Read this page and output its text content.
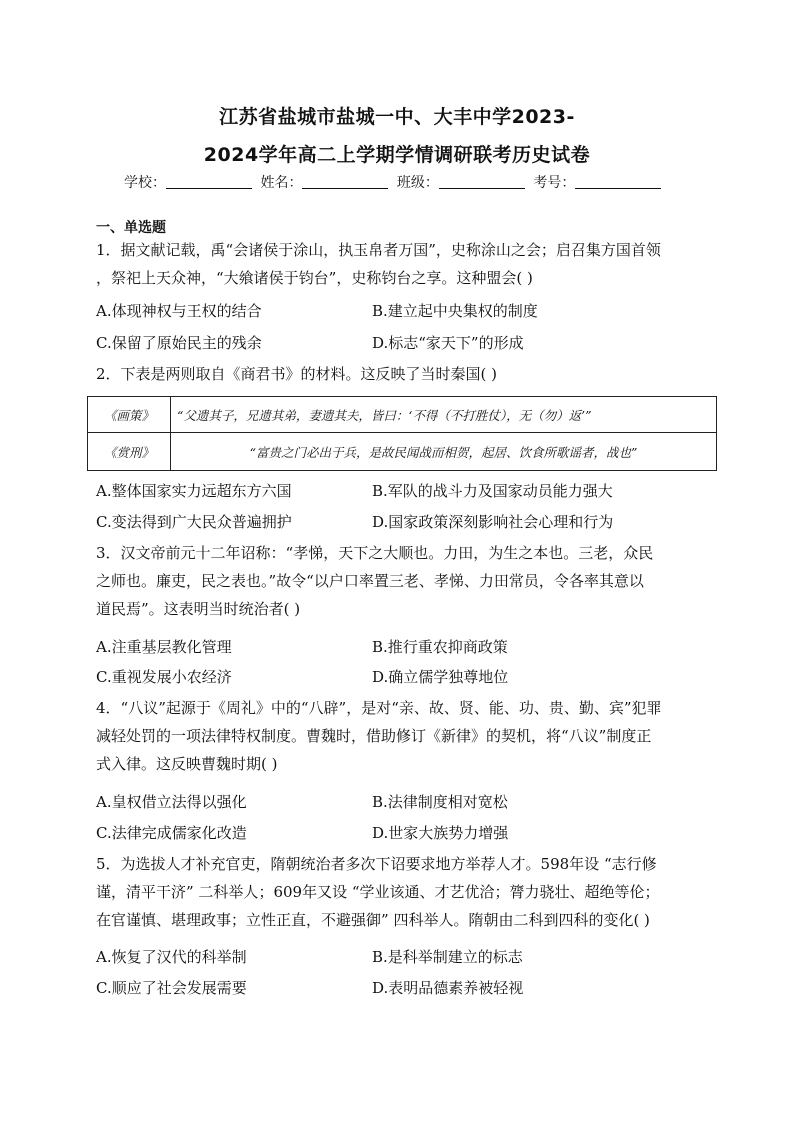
江苏省盐城市盐城一中、大丰中学2023-
2024学年高二上学期学情调研联考历史试卷
学校：	姓名：	班级：	考号：
一、单选题
1．据文献记载，禹“会诸侯于涂山，执玉帛者万国”，史称涂山之会；启召集方国首领
，祭祀上天众神，“大飨诸侯于钧台”，史称钧台之享。这种盟会( )
A.体现神权与王权的结合	B.建立起中央集权的制度
C.保留了原始民主的残余	D.标志“家天下”的形成
2．下表是两则取自《商君书》的材料。这反映了当时秦国( )
《画策》	“父遗其子，兄遗其弟，妻遗其夫，皆曰：‘不得（不打胜仗），无（勿）返’”
《赏刑》	“富贵之门必出于兵，是故民闻战而相贺，起居、饮食所歌谣者，战也”
A.整体国家实力远超东方六国	B.军队的战斗力及国家动员能力强大
C.变法得到广大民众普遍拥护	D.国家政策深刻影响社会心理和行为
3．汉文帝前元十二年诏称：“孝悌，天下之大顺也。力田，为生之本也。三老，众民
之师也。廉吏，民之表也。”故令“以户口率置三老、孝悌、力田常员，令各率其意以
道民焉”。这表明当时统治者( )
A.注重基层教化管理	B.推行重农抑商政策
C.重视发展小农经济	D.确立儒学独尊地位
4．“八议”起源于《周礼》中的“八辟”，是对“亲、故、贤、能、功、贵、勤、宾”犯罪
减轻处罚的一项法律特权制度。曹魏时，借助修订《新律》的契机，将“八议”制度正
式入律。这反映曹魏时期( )
A.皇权借立法得以强化	B.法律制度相对宽松
C.法律完成儒家化改造	D.世家大族势力增强
5．为选拔人才补充官吏，隋朝统治者多次下诏要求地方举荐人才。598年设 “志行修
谨，清平干济” 二科举人；609年又设 “学业该通、才艺优洽；膂力骁壮、超绝等伦；
在官谨慎、堪理政事；立性正直，不避强御” 四科举人。隋朝由二科到四科的变化( )
A.恢复了汉代的科举制	B.是科举制建立的标志
C.顺应了社会发展需要	D.表明品德素养被轻视
